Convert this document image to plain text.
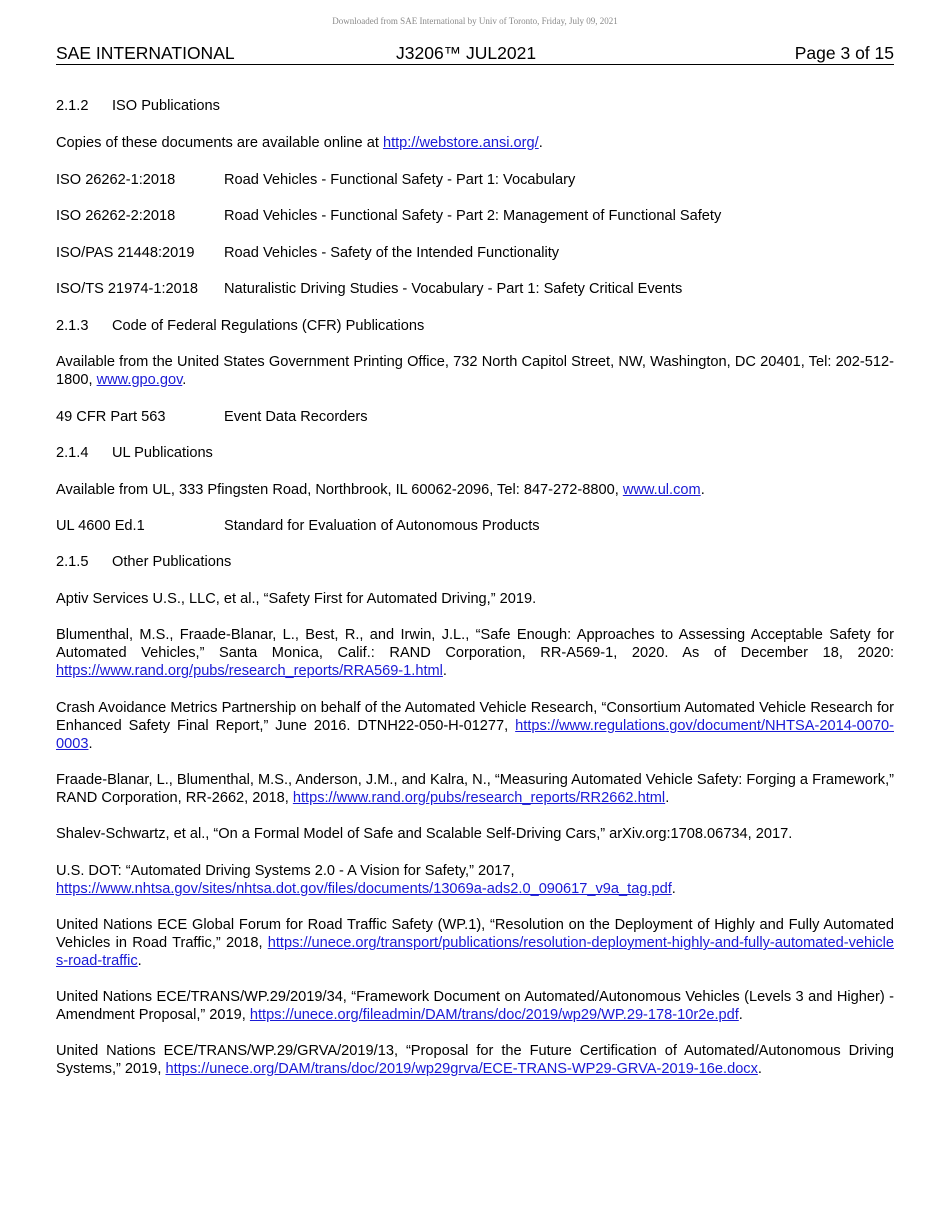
Downloaded from SAE International by Univ of Toronto, Friday, July 09, 2021
SAE INTERNATIONAL	J3206™ JUL2021	Page 3 of 15
2.1.2 ISO Publications
Copies of these documents are available online at http://webstore.ansi.org/.
ISO 26262-1:2018	Road Vehicles - Functional Safety - Part 1: Vocabulary
ISO 26262-2:2018	Road Vehicles - Functional Safety - Part 2: Management of Functional Safety
ISO/PAS 21448:2019 Road Vehicles - Safety of the Intended Functionality
ISO/TS 21974-1:2018 Naturalistic Driving Studies - Vocabulary - Part 1: Safety Critical Events
2.1.3 Code of Federal Regulations (CFR) Publications
Available from the United States Government Printing Office, 732 North Capitol Street, NW, Washington, DC 20401, Tel: 202-512-1800, www.gpo.gov.
49 CFR Part 563	Event Data Recorders
2.1.4 UL Publications
Available from UL, 333 Pfingsten Road, Northbrook, IL 60062-2096, Tel: 847-272-8800, www.ul.com.
UL 4600 Ed.1	Standard for Evaluation of Autonomous Products
2.1.5 Other Publications
Aptiv Services U.S., LLC, et al., “Safety First for Automated Driving,” 2019.
Blumenthal, M.S., Fraade-Blanar, L., Best, R., and Irwin, J.L., “Safe Enough: Approaches to Assessing Acceptable Safety for Automated Vehicles,” Santa Monica, Calif.: RAND Corporation, RR-A569-1, 2020. As of December 18, 2020: https://www.rand.org/pubs/research_reports/RRA569-1.html.
Crash Avoidance Metrics Partnership on behalf of the Automated Vehicle Research, “Consortium Automated Vehicle Research for Enhanced Safety Final Report,” June 2016. DTNH22-050-H-01277, https://www.regulations.gov/document/NHTSA-2014-0070-0003.
Fraade-Blanar, L., Blumenthal, M.S., Anderson, J.M., and Kalra, N., “Measuring Automated Vehicle Safety: Forging a Framework,” RAND Corporation, RR-2662, 2018, https://www.rand.org/pubs/research_reports/RR2662.html.
Shalev-Schwartz, et al., “On a Formal Model of Safe and Scalable Self-Driving Cars,” arXiv.org:1708.06734, 2017.
U.S. DOT: “Automated Driving Systems 2.0 - A Vision for Safety,” 2017,
https://www.nhtsa.gov/sites/nhtsa.dot.gov/files/documents/13069a-ads2.0_090617_v9a_tag.pdf.
United Nations ECE Global Forum for Road Traffic Safety (WP.1), “Resolution on the Deployment of Highly and Fully Automated Vehicles in Road Traffic,” 2018, https://unece.org/transport/publications/resolution-deployment-highly-and-fully-automated-vehicles-road-traffic.
United Nations ECE/TRANS/WP.29/2019/34, “Framework Document on Automated/Autonomous Vehicles (Levels 3 and Higher) - Amendment Proposal,” 2019, https://unece.org/fileadmin/DAM/trans/doc/2019/wp29/WP.29-178-10r2e.pdf.
United Nations ECE/TRANS/WP.29/GRVA/2019/13, “Proposal for the Future Certification of Automated/Autonomous Driving Systems,” 2019, https://unece.org/DAM/trans/doc/2019/wp29grva/ECE-TRANS-WP29-GRVA-2019-16e.docx.
